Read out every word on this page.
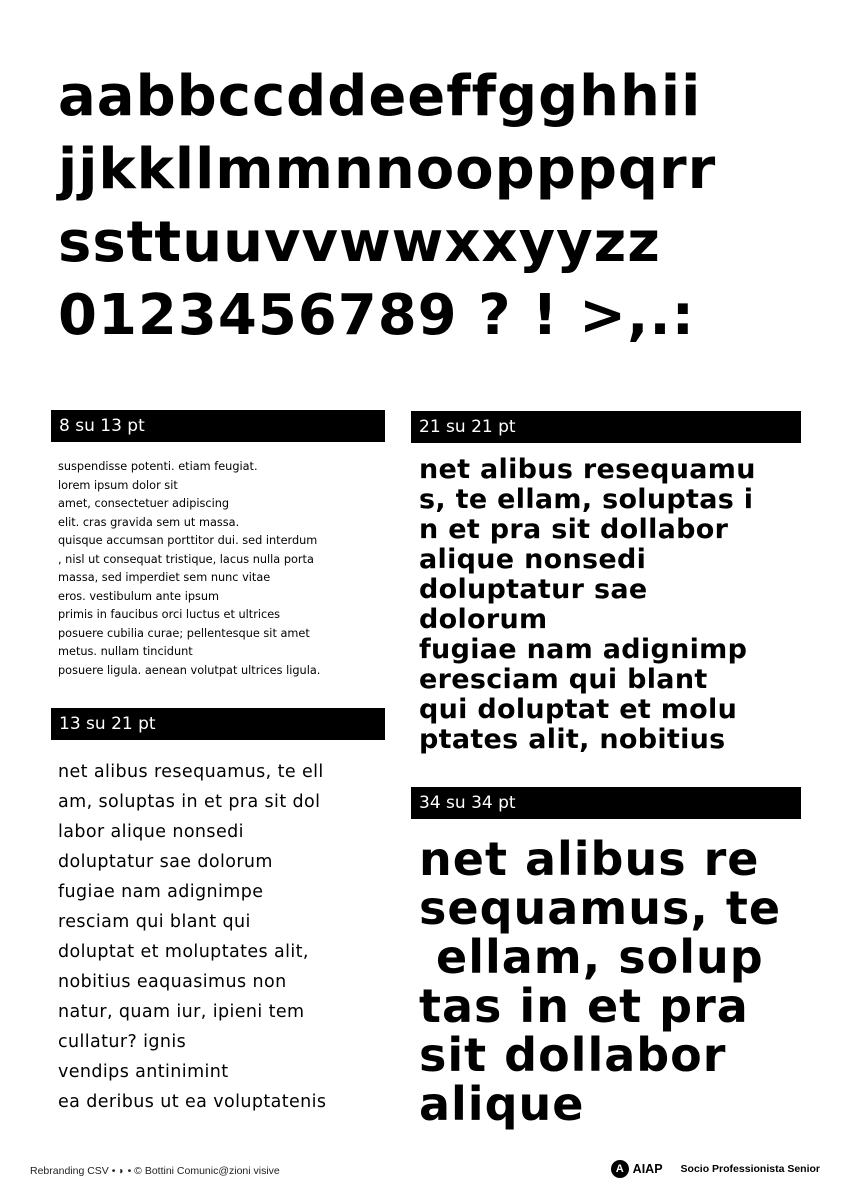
aabbccddeeffgghhii
jjkkllmmnnoopppqrr
ssttuuvvwwxxyyzz
0123456789 ? ! >,.:
8 su 13 pt
suspendisse potenti. etiam feugiat.
lorem ipsum dolor sit
amet, consectetuer adipiscing
elit. cras gravida sem ut massa.
quisque accumsan porttitor dui. sed interdum
, nisl ut consequat tristique, lacus nulla porta
massa, sed imperdiet sem nunc vitae
eros. vestibulum ante ipsum
primis in faucibus orci luctus et ultrices
posuere cubilia curae; pellentesque sit amet
metus. nullam tincidunt
posuere ligula. aenean volutpat ultrices ligula.
13 su 21 pt
net alibus resequamus, te ell
am, soluptas in et pra sit dol
labor alique nonsedi
doluptatur sae dolorum
fugiae nam adignimpe
resciam qui blant qui
doluptat et moluptates alit,
nobitius eaquasimus non
natur, quam iur, ipieni tem
cullatur? ignis
vendips antinimint
ea deribus ut ea voluptatenis
21 su 21 pt
net alibus resequamu
s, te ellam, soluptas i
n et pra sit dollabor
alique nonsedi
doluptatur sae
dolorum
fugiae nam adignimp
eresciam qui blant
qui doluptat et molu
ptates alit, nobitius
34 su 34 pt
net alibus re
sequamus, te
ellam, solup
tas in et pra
sit dollabor
alique
Rebranding CSV • ◗ • © Bottini Comunic@zioni visive	A AIAP Socio Professionista Senior
